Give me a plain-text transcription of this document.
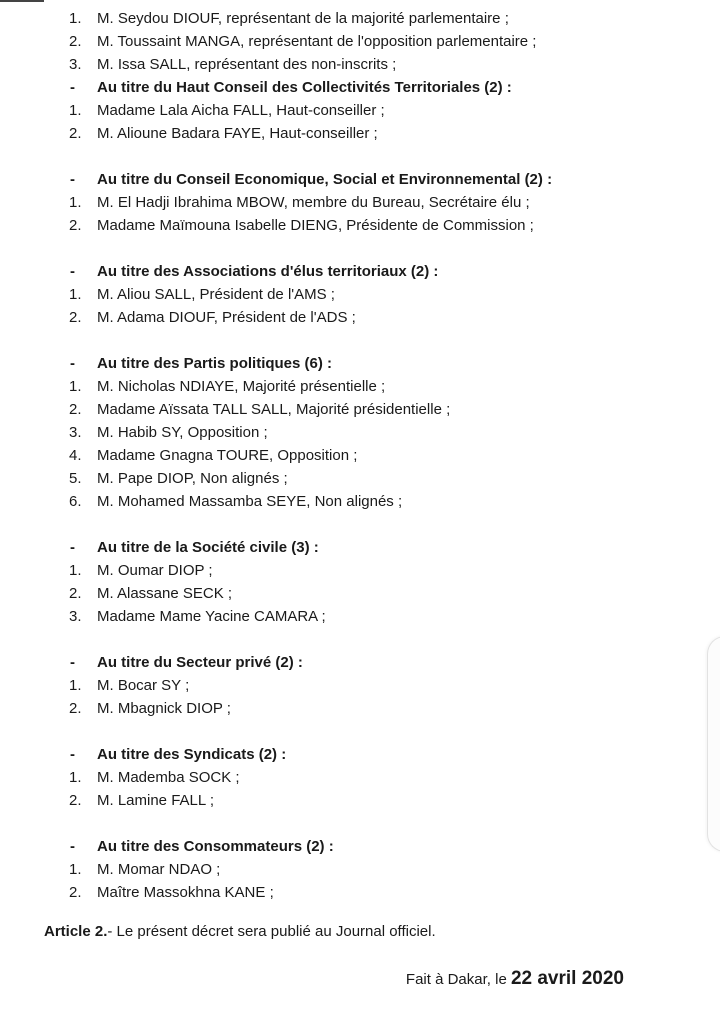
1.	M. Seydou DIOUF, représentant de la majorité parlementaire ;
2.	M. Toussaint MANGA, représentant de l'opposition parlementaire ;
3.	M. Issa SALL, représentant des non-inscrits ;
-	Au titre du Haut Conseil des Collectivités Territoriales (2) :
1.	Madame Lala Aicha FALL, Haut-conseiller ;
2.	M. Alioune Badara FAYE, Haut-conseiller ;
-	Au titre du Conseil Economique, Social et Environnemental (2) :
1.	M. El Hadji Ibrahima MBOW, membre du Bureau, Secrétaire élu ;
2.	Madame Maïmouna Isabelle DIENG, Présidente de Commission ;
-	Au titre des Associations d'élus territoriaux (2) :
1.	M. Aliou SALL, Président de l'AMS ;
2.	M. Adama DIOUF, Président de l'ADS ;
-	Au titre des Partis politiques (6) :
1.	M. Nicholas NDIAYE, Majorité présentielle ;
2.	Madame Aïssata TALL SALL, Majorité présidentielle ;
3.	M. Habib SY, Opposition ;
4.	Madame Gnagna TOURE, Opposition ;
5.	M. Pape DIOP, Non alignés ;
6.	M. Mohamed Massamba SEYE, Non alignés ;
-	Au titre de la Société civile (3) :
1.	M. Oumar DIOP ;
2.	M. Alassane SECK ;
3.	Madame Mame Yacine CAMARA ;
-	Au titre du Secteur privé (2) :
1.	M. Bocar SY ;
2.	M. Mbagnick DIOP ;
-	Au titre des Syndicats (2) :
1.	M. Mademba SOCK ;
2.	M. Lamine FALL ;
-	Au titre des Consommateurs (2) :
1.	M. Momar NDAO ;
2.	Maître Massokhna KANE ;
Article 2.- Le présent décret sera publié au Journal officiel.
Fait à Dakar, le 22 avril 2020
